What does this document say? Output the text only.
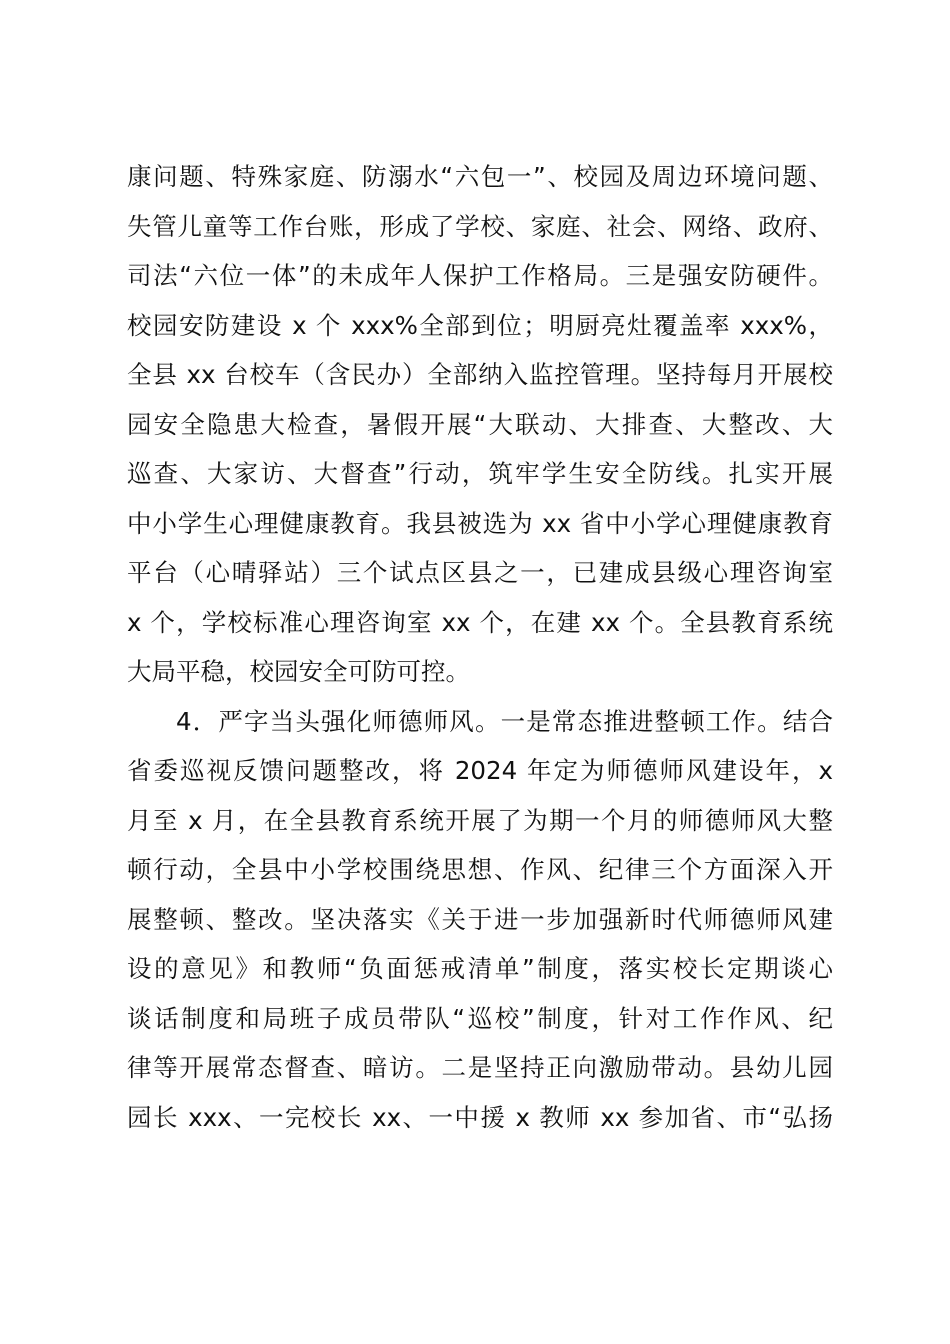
康问题、特殊家庭、防溺水“六包一”、校园及周边环境问题、
失管儿童等工作台账，形成了学校、家庭、社会、网络、政府、
司法“六位一体”的未成年人保护工作格局。三是强安防硬件。
校园安防建设 x 个 xxx%全部到位；明厨亮灶覆盖率 xxx%，
全县 xx 台校车（含民办）全部纳入监控管理。坚持每月开展校
园安全隐患大检查，暑假开展“大联动、大排查、大整改、大
巡查、大家访、大督查”行动，筑牢学生安全防线。扎实开展
中小学生心理健康教育。我县被选为 xx 省中小学心理健康教育
平台（心晴驿站）三个试点区县之一，已建成县级心理咨询室
x 个，学校标准心理咨询室 xx 个，在建 xx 个。全县教育系统
大局平稳，校园安全可防可控。
4．严字当头强化师德师风。一是常态推进整顿工作。结合
省委巡视反馈问题整改，将 2024 年定为师德师风建设年，x
月至 x 月，在全县教育系统开展了为期一个月的师德师风大整
顿行动，全县中小学校围绕思想、作风、纪律三个方面深入开
展整顿、整改。坚决落实《关于进一步加强新时代师德师风建
设的意见》和教师“负面惩戒清单”制度，落实校长定期谈心
谈话制度和局班子成员带队“巡校”制度，针对工作作风、纪
律等开展常态督查、暗访。二是坚持正向激励带动。县幼儿园
园长 xxx、一完校长 xx、一中援 x 教师 xx 参加省、市“弘扬
